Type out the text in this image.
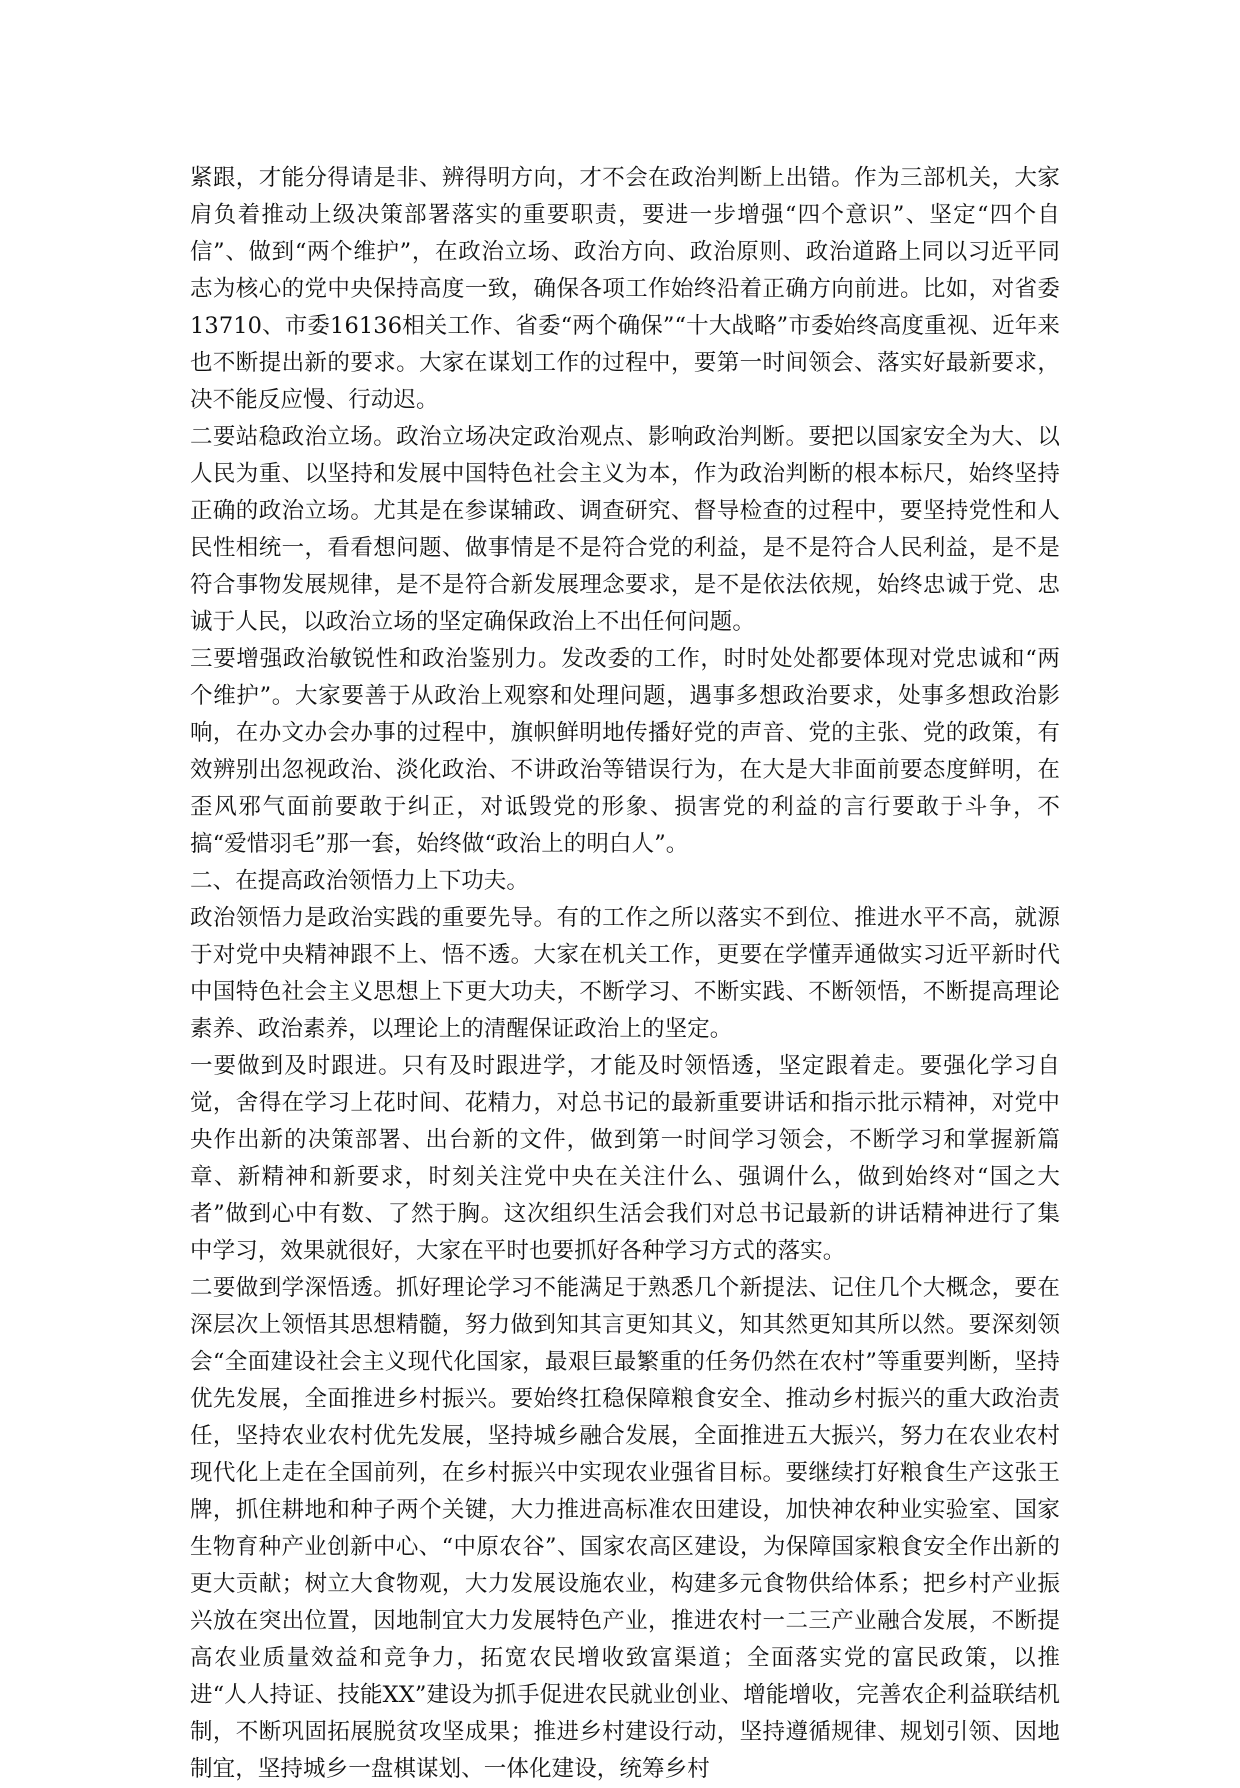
紧跟，才能分得请是非、辨得明方向，才不会在政治判断上出错。作为三部机关，大家肩负着推动上级决策部署落实的重要职责，要进一步增强“四个意识”、坚定“四个自信”、做到“两个维护”，在政治立场、政治方向、政治原则、政治道路上同以习近平同志为核心的党中央保持高度一致，确保各项工作始终沿着正确方向前进。比如，对省委13710、市委16136相关工作、省委“两个确保”“十大战略”市委始终高度重视、近年来也不断提出新的要求。大家在谋划工作的过程中，要第一时间领会、落实好最新要求，决不能反应慢、行动迟。

二要站稳政治立场。政治立场决定政治观点、影响政治判断。要把以国家安全为大、以人民为重、以坚持和发展中国特色社会主义为本，作为政治判断的根本标尺，始终坚持正确的政治立场。尤其是在参谋辅政、调查研究、督导检查的过程中，要坚持党性和人民性相统一，看看想问题、做事情是不是符合党的利益，是不是符合人民利益，是不是符合事物发展规律，是不是符合新发展理念要求，是不是依法依规，始终忠诚于党、忠诚于人民，以政治立场的坚定确保政治上不出任何问题。

三要增强政治敏锐性和政治鉴别力。发改委的工作，时时处处都要体现对党忠诚和“两个维护”。大家要善于从政治上观察和处理问题，遇事多想政治要求，处事多想政治影响，在办文办会办事的过程中，旗帜鲜明地传播好党的声音、党的主张、党的政策，有效辨别出忽视政治、淡化政治、不讲政治等错误行为，在大是大非面前要态度鲜明，在歪风邪气面前要敢于纠正，对诋毁党的形象、损害党的利益的言行要敢于斗争，不搞“爱惜羽毛”那一套，始终做“政治上的明白人”。

二、在提高政治领悟力上下功夫。

政治领悟力是政治实践的重要先导。有的工作之所以落实不到位、推进水平不高，就源于对党中央精神跟不上、悟不透。大家在机关工作，更要在学懂弄通做实习近平新时代中国特色社会主义思想上下更大功夫，不断学习、不断实践、不断领悟，不断提高理论素养、政治素养，以理论上的清醒保证政治上的坚定。

一要做到及时跟进。只有及时跟进学，才能及时领悟透，坚定跟着走。要强化学习自觉，舍得在学习上花时间、花精力，对总书记的最新重要讲话和指示批示精神，对党中央作出新的决策部署、出台新的文件，做到第一时间学习领会，不断学习和掌握新篇章、新精神和新要求，时刻关注党中央在关注什么、强调什么，做到始终对“国之大者”做到心中有数、了然于胸。这次组织生活会我们对总书记最新的讲话精神进行了集中学习，效果就很好，大家在平时也要抓好各种学习方式的落实。

二要做到学深悟透。抓好理论学习不能满足于熟悉几个新提法、记住几个大概念，要在深层次上领悟其思想精髓，努力做到知其言更知其义，知其然更知其所以然。要深刻领会“全面建设社会主义现代化国家，最艰巨最繁重的任务仍然在农村”等重要判断，坚持优先发展，全面推进乡村振兴。要始终扛稳保障粮食安全、推动乡村振兴的重大政治责任，坚持农业农村优先发展，坚持城乡融合发展，全面推进五大振兴，努力在农业农村现代化上走在全国前列，在乡村振兴中实现农业强省目标。要继续打好粮食生产这张王牌，抓住耕地和种子两个关键，大力推进高标准农田建设，加快神农种业实验室、国家生物育种产业创新中心、“中原农谷”、国家农高区建设，为保障国家粮食安全作出新的更大贡献；树立大食物观，大力发展设施农业，构建多元食物供给体系；把乡村产业振兴放在突出位置，因地制宜大力发展特色产业，推进农村一二三产业融合发展，不断提高农业质量效益和竞争力，拓宽农民增收致富渠道；全面落实党的富民政策，以推进“人人持证、技能XX”建设为抓手促进农民就业创业、增能增收，完善农企利益联结机制，不断巩固拓展脱贫攻坚成果；推进乡村建设行动，坚持遵循规律、规划引领、因地制宜，坚持城乡一盘棋谋划、一体化建设，统筹乡村
